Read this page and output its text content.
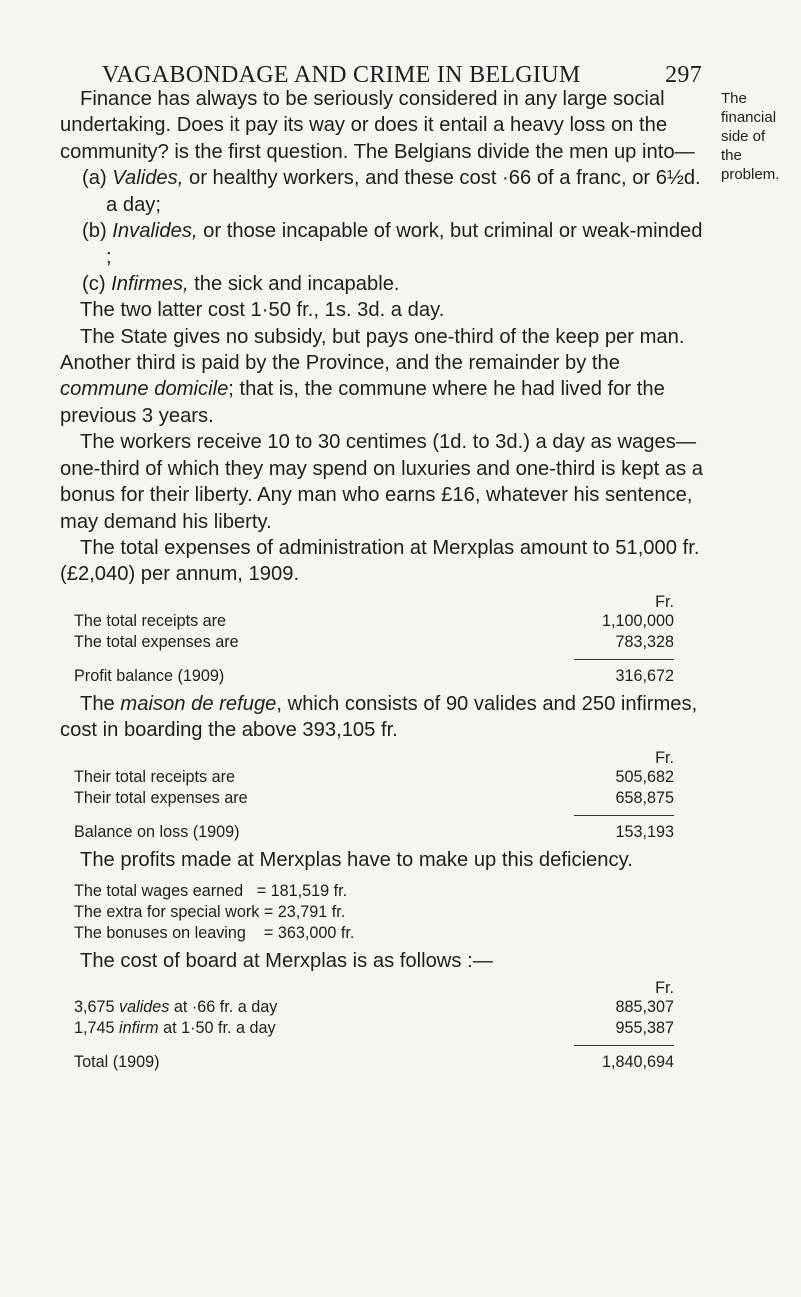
VAGABONDAGE AND CRIME IN BELGIUM	297
The
financial
side of
the
problem.

Finance has always to be seriously considered in any large social undertaking. Does it pay its way or does it entail a heavy loss on the community? is the first question. The Belgians divide the men up into—

(a) Valides, or healthy workers, and these cost ·66 of a franc, or 6½d. a day;

(b) Invalides, or those incapable of work, but criminal or weak-minded ;

(c) Infirmes, the sick and incapable.

The two latter cost 1·50 fr., 1s. 3d. a day.

The State gives no subsidy, but pays one-third of the keep per man. Another third is paid by the Province, and the remainder by the commune domicile; that is, the commune where he had lived for the previous 3 years.

The workers receive 10 to 30 centimes (1d. to 3d.) a day as wages—one-third of which they may spend on luxuries and one-third is kept as a bonus for their liberty. Any man who earns £16, whatever his sentence, may demand his liberty.

The total expenses of administration at Merxplas amount to 51,000 fr. (£2,040) per annum, 1909.

Fr.
The total receipts are	1,100,000
The total expenses are	783,328
Profit balance (1909)	316,672

The maison de refuge, which consists of 90 valides and 250 infirmes, cost in boarding the above 393,105 fr.

Fr.
Their total receipts are	505,682
Their total expenses are	658,875
Balance on loss (1909)	153,193

The profits made at Merxplas have to make up this deficiency.

The total wages earned = 181,519 fr.
The extra for special work = 23,791 fr.
The bonuses on leaving = 363,000 fr.

The cost of board at Merxplas is as follows :—

Fr.
3,675 valides at ·66 fr. a day	885,307
1,745 infirm at 1·50 fr. a day	955,387
Total (1909)	1,840,694
